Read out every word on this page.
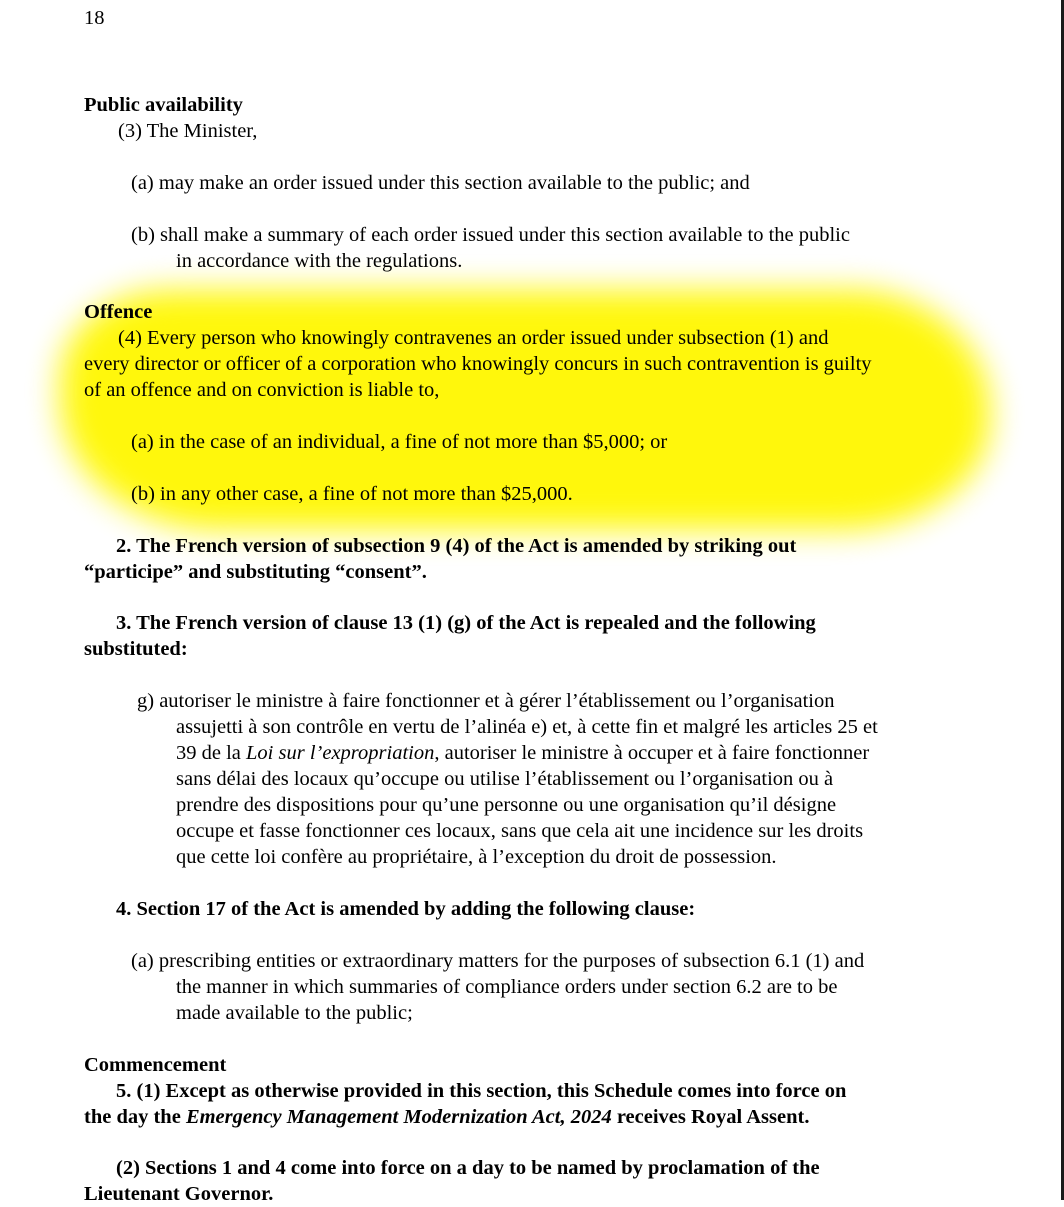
18
Public availability
(3) The Minister,
(a) may make an order issued under this section available to the public; and
(b) shall make a summary of each order issued under this section available to the public
in accordance with the regulations.
Offence
(4) Every person who knowingly contravenes an order issued under subsection (1) and
every director or officer of a corporation who knowingly concurs in such contravention is guilty
of an offence and on conviction is liable to,
(a) in the case of an individual, a fine of not more than $5,000; or
(b) in any other case, a fine of not more than $25,000.
2. The French version of subsection 9 (4) of the Act is amended by striking out
“participe” and substituting “consent”.
3. The French version of clause 13 (1) (g) of the Act is repealed and the following
substituted:
g) autoriser le ministre à faire fonctionner et à gérer l’établissement ou l’organisation
assujetti à son contrôle en vertu de l’alinéa e) et, à cette fin et malgré les articles 25 et
39 de la Loi sur l’expropriation, autoriser le ministre à occuper et à faire fonctionner
sans délai des locaux qu’occupe ou utilise l’établissement ou l’organisation ou à
prendre des dispositions pour qu’une personne ou une organisation qu’il désigne
occupe et fasse fonctionner ces locaux, sans que cela ait une incidence sur les droits
que cette loi confère au propriétaire, à l’exception du droit de possession.
4. Section 17 of the Act is amended by adding the following clause:
(a) prescribing entities or extraordinary matters for the purposes of subsection 6.1 (1) and
the manner in which summaries of compliance orders under section 6.2 are to be
made available to the public;
Commencement
5. (1) Except as otherwise provided in this section, this Schedule comes into force on
the day the Emergency Management Modernization Act, 2024 receives Royal Assent.
(2) Sections 1 and 4 come into force on a day to be named by proclamation of the
Lieutenant Governor.
